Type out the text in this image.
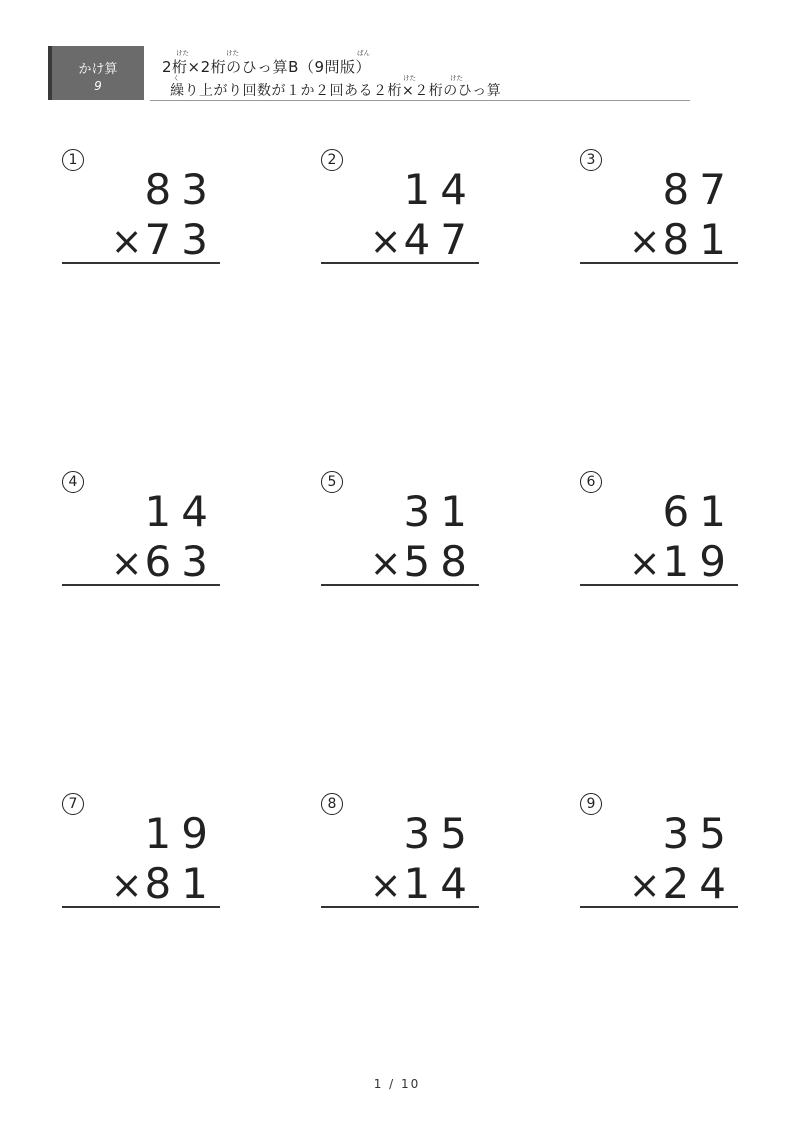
かけ算
9
けた	けた	ばん
2桁×2桁のひっ算B（9問版）
く	けた	けた
繰り上がり回数が１か２回ある２桁×２桁のひっ算
1
83
×73
2
14
×47
3
87
×81
4
14
×63
5
31
×58
6
61
×19
7
19
×81
8
35
×14
9
35
×24
1 / 10
